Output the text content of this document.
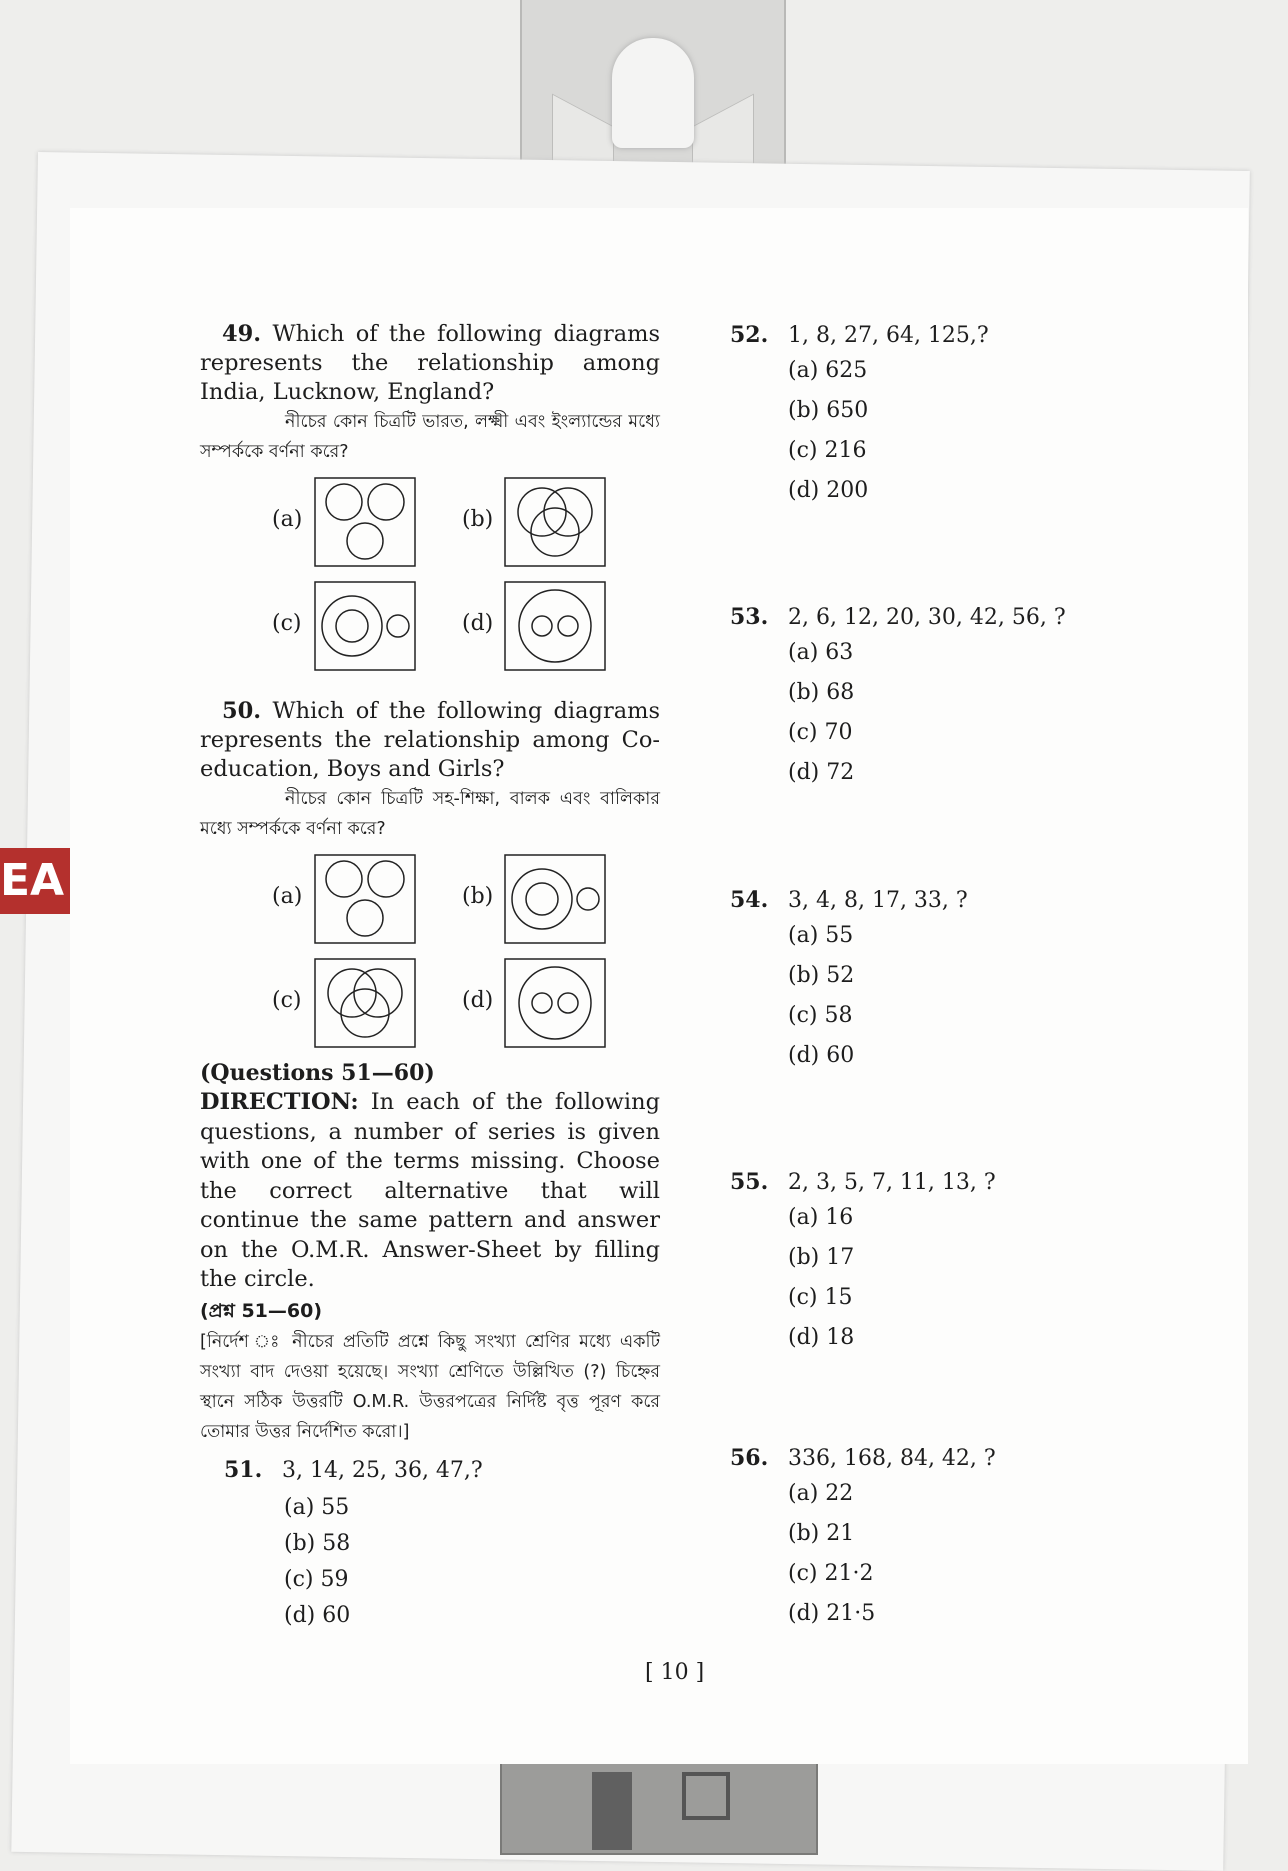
EA
49. Which of the following diagrams represents the relationship among India, Lucknow, England?
নীচের কোন চিত্রটি ভারত, লক্ষ্মী এবং ইংল্যান্ডের মধ্যে সম্পর্ককে বর্ণনা করে?
(a)	(b)
(c)	(d)
50. Which of the following diagrams represents the relationship among Co-education, Boys and Girls?
নীচের কোন চিত্রটি সহ-শিক্ষা, বালক এবং বালিকার মধ্যে সম্পর্ককে বর্ণনা করে?
(a)	(b)
(c)	(d)
(Questions 51—60)
DIRECTION: In each of the following questions, a number of series is given with one of the terms missing. Choose the correct alternative that will continue the same pattern and answer on the O.M.R. Answer-Sheet by filling the circle.
(প্রশ্ন 51—60)
[নির্দেশ ঃ নীচের প্রতিটি প্রশ্নে কিছু সংখ্যা শ্রেণির মধ্যে একটি সংখ্যা বাদ দেওয়া হয়েছে। সংখ্যা শ্রেণিতে উল্লিখিত (?) চিহ্নের স্থানে সঠিক উত্তরটি O.M.R. উত্তরপত্রের নির্দিষ্ট বৃত্ত পূরণ করে তোমার উত্তর নির্দেশিত করো।]
51. 3, 14, 25, 36, 47,?
(a) 55
(b) 58
(c) 59
(d) 60
52. 1, 8, 27, 64, 125,?
(a) 625
(b) 650
(c) 216
(d) 200
53. 2, 6, 12, 20, 30, 42, 56, ?
(a) 63
(b) 68
(c) 70
(d) 72
54. 3, 4, 8, 17, 33, ?
(a) 55
(b) 52
(c) 58
(d) 60
55. 2, 3, 5, 7, 11, 13, ?
(a) 16
(b) 17
(c) 15
(d) 18
56. 336, 168, 84, 42, ?
(a) 22
(b) 21
(c) 21·2
(d) 21·5
[ 10 ]
